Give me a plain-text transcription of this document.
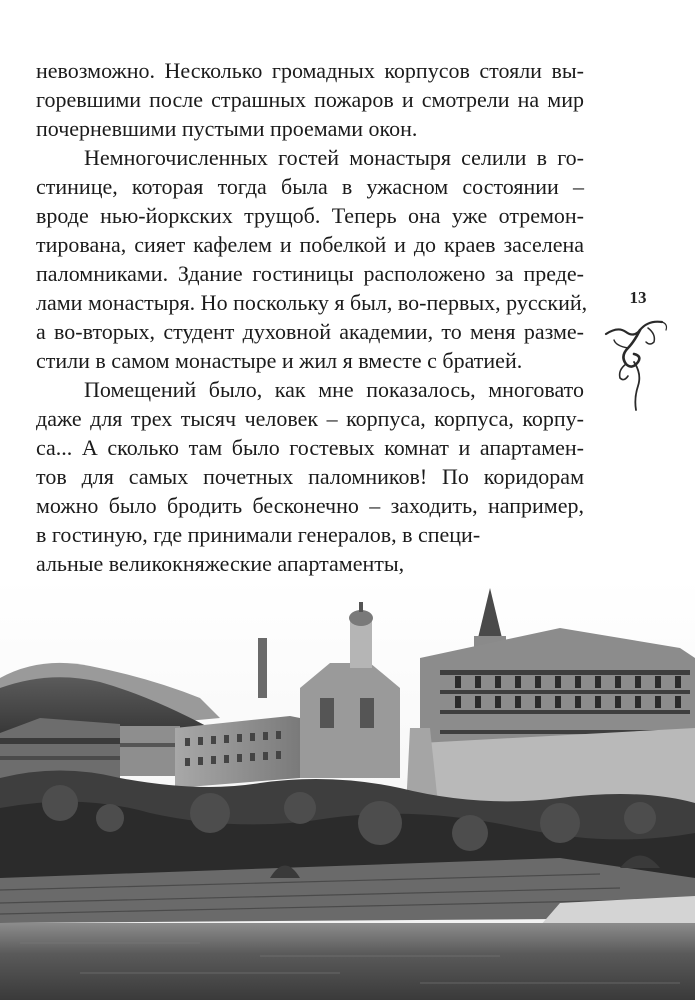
невозможно. Несколько громадных корпусов стояли вы-
горевшими после страшных пожаров и смотрели на мир
почерневшими пустыми проемами окон.
Немногочисленных гостей монастыря селили в го-
стинице, которая тогда была в ужасном состоянии –
вроде нью-йоркских трущоб. Теперь она уже отремон-
тирована, сияет кафелем и побелкой и до краев заселена
паломниками. Здание гостиницы расположено за преде-
лами монастыря. Но поскольку я был, во-первых, русский,
а во-вторых, студент духовной академии, то меня разме-
стили в самом монастыре и жил я вместе с братией.
Помещений было, как мне показалось, многовато
даже для трех тысяч человек – корпуса, корпуса, корпу-
са... А сколько там было гостевых комнат и апартамен-
тов для самых почетных паломников! По коридорам
можно было бродить бесконечно – заходить, например,
в гостиную, где принимали генералов, в специ-
альные великокняжеские апартаменты,
13
